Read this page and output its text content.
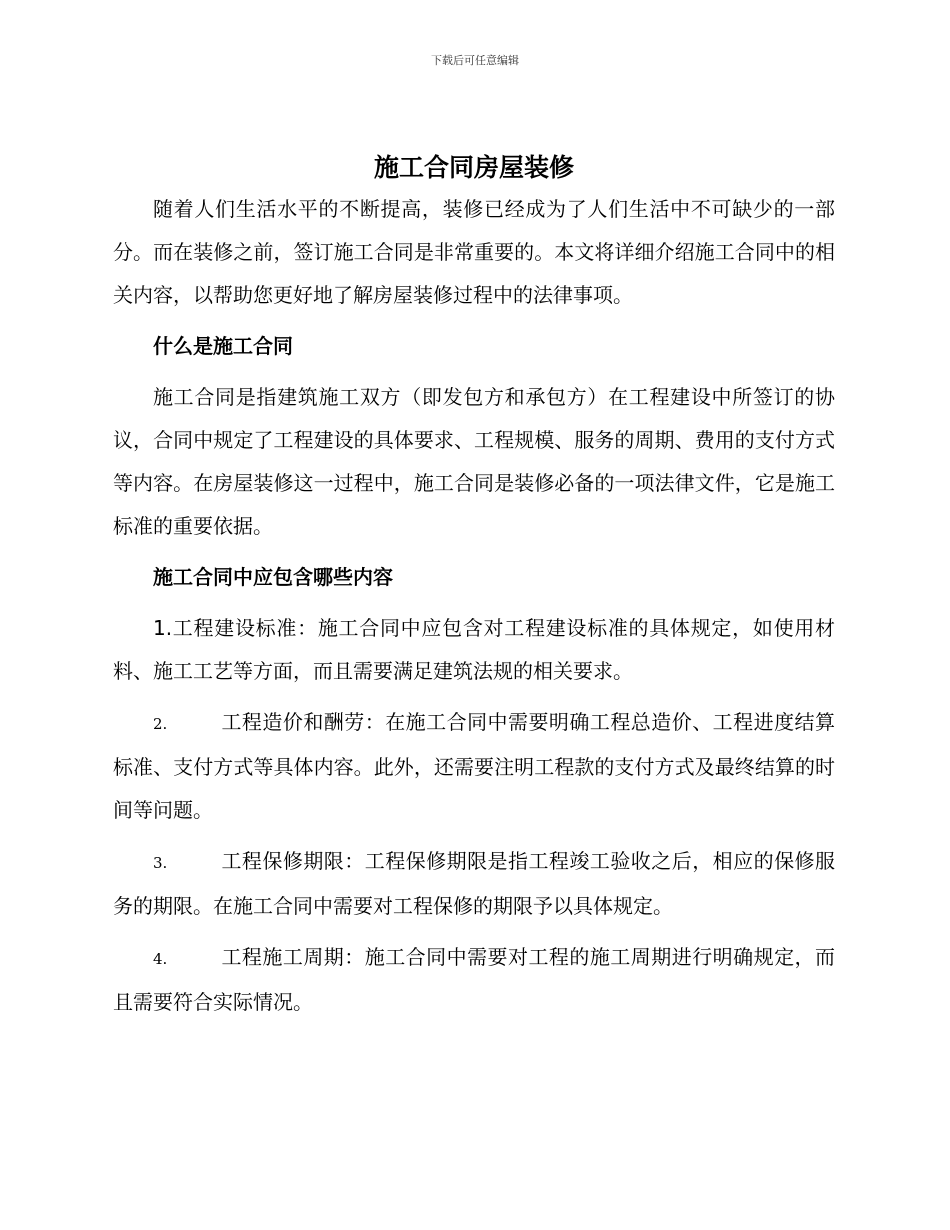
下载后可任意编辑
施工合同房屋装修

随着人们生活水平的不断提高，装修已经成为了人们生活中不可缺少的一部分。而在装修之前，签订施工合同是非常重要的。本文将详细介绍施工合同中的相关内容，以帮助您更好地了解房屋装修过程中的法律事项。

什么是施工合同

施工合同是指建筑施工双方（即发包方和承包方）在工程建设中所签订的协议，合同中规定了工程建设的具体要求、工程规模、服务的周期、费用的支付方式等内容。在房屋装修这一过程中，施工合同是装修必备的一项法律文件，它是施工标准的重要依据。

施工合同中应包含哪些内容

1.工程建设标准：施工合同中应包含对工程建设标准的具体规定，如使用材料、施工工艺等方面，而且需要满足建筑法规的相关要求。

2.	工程造价和酬劳：在施工合同中需要明确工程总造价、工程进度结算标准、支付方式等具体内容。此外，还需要注明工程款的支付方式及最终结算的时间等问题。

3.	工程保修期限：工程保修期限是指工程竣工验收之后，相应的保修服务的期限。在施工合同中需要对工程保修的期限予以具体规定。

4.	工程施工周期：施工合同中需要对工程的施工周期进行明确规定，而且需要符合实际情况。
